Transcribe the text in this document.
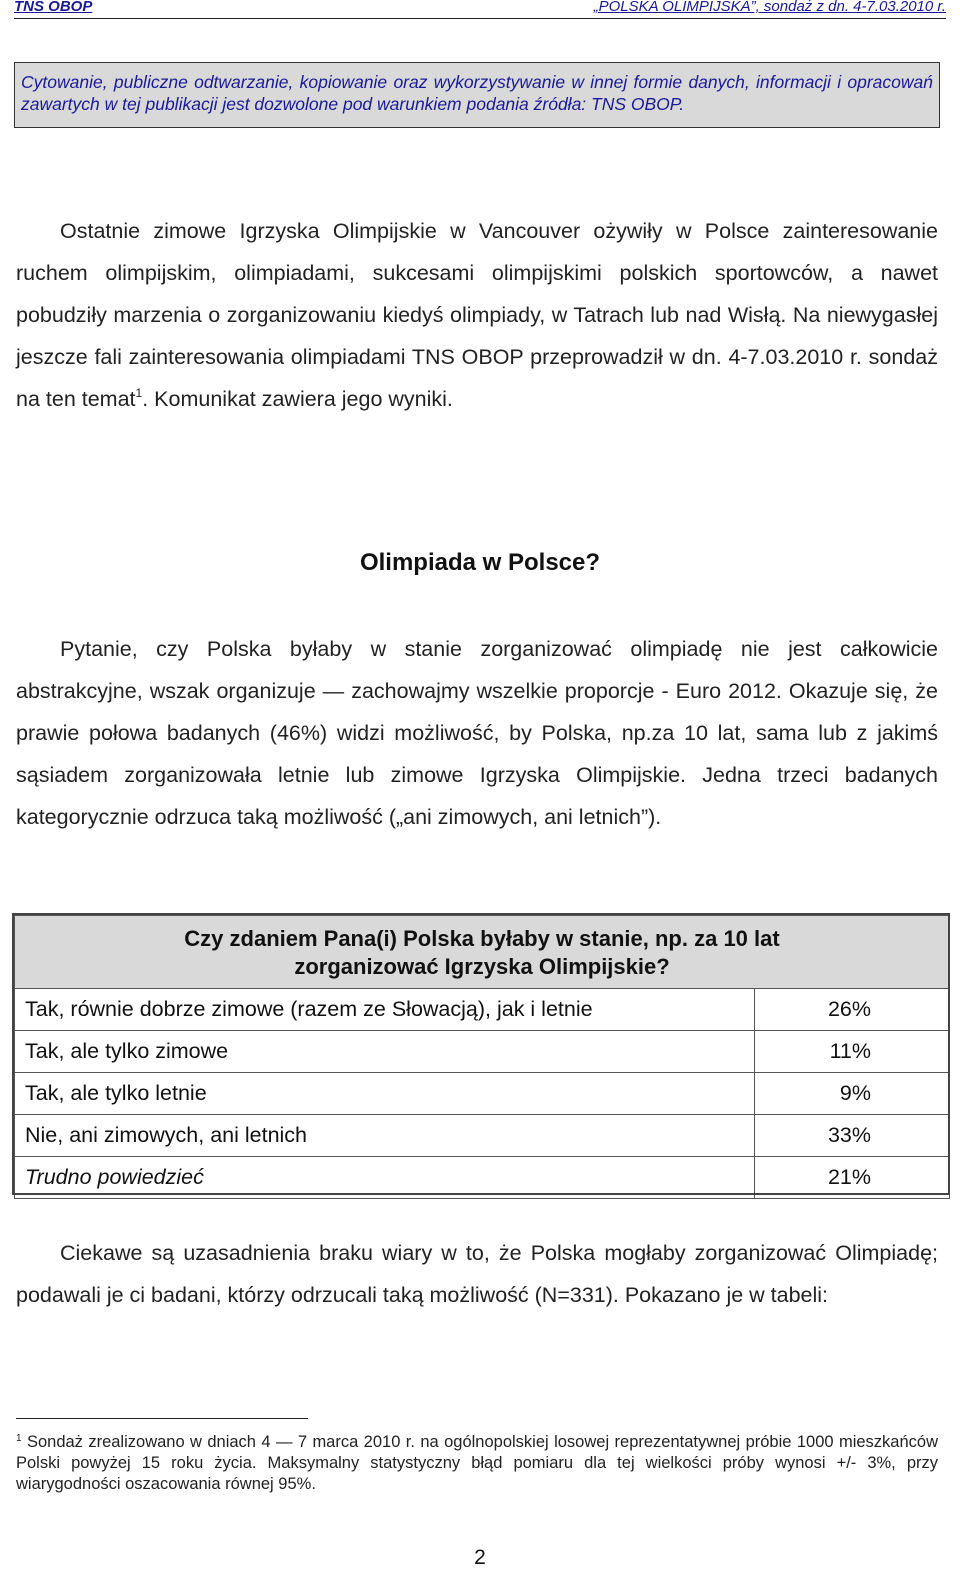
TNS OBOP	„POLSKA OLIMPIJSKA”, sondaż z dn. 4-7.03.2010 r.
Cytowanie, publiczne odtwarzanie, kopiowanie oraz wykorzystywanie w innej formie danych, informacji i opracowań zawartych w tej publikacji jest dozwolone pod warunkiem podania źródła: TNS OBOP.
Ostatnie zimowe Igrzyska Olimpijskie w Vancouver ożywiły w Polsce zainteresowanie ruchem olimpijskim, olimpiadami, sukcesami olimpijskimi polskich sportowców, a nawet pobudziły marzenia o zorganizowaniu kiedyś olimpiady, w Tatrach lub nad Wisłą. Na niewygasłej jeszcze fali zainteresowania olimpiadami TNS OBOP przeprowadził w dn. 4-7.03.2010 r. sondaż na ten temat$^1$. Komunikat zawiera jego wyniki.
Olimpiada w Polsce?
Pytanie, czy Polska byłaby w stanie zorganizować olimpiadę nie jest całkowicie abstrakcyjne, wszak organizuje — zachowajmy wszelkie proporcje - Euro 2012. Okazuje się, że prawie połowa badanych (46%) widzi możliwość, by Polska, np.za 10 lat, sama lub z jakimś sąsiadem zorganizowała letnie lub zimowe Igrzyska Olimpijskie. Jedna trzeci badanych kategorycznie odrzuca taką możliwość („ani zimowych, ani letnich”).
Czy zdaniem Pana(i) Polska byłaby w stanie, np. za 10 lat
zorganizować Igrzyska Olimpijskie?	

Tak, równie dobrze zimowe (razem ze Słowacją), jak i letnie	26%
Tak, ale tylko zimowe	11%
Tak, ale tylko letnie	9%
Nie, ani zimowych, ani letnich	33%
Trudno powiedzieć	21%
Ciekawe są uzasadnienia braku wiary w to, że Polska mogłaby zorganizować Olimpiadę; podawali je ci badani, którzy odrzucali taką możliwość (N=331). Pokazano je w tabeli:
$^1$ Sondaż zrealizowano w dniach 4 — 7 marca 2010 r. na ogólnopolskiej losowej reprezentatywnej próbie 1000 mieszkańców Polski powyżej 15 roku życia. Maksymalny statystyczny błąd pomiaru dla tej wielkości próby wynosi +/- 3%, przy wiarygodności oszacowania równej 95%.
2
